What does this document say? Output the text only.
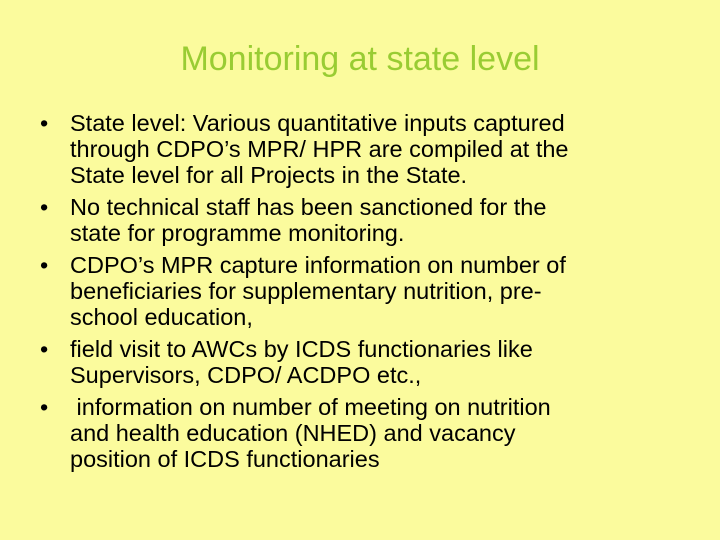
Monitoring at state level
• State level: Various quantitative inputs captured
through CDPO’s MPR/ HPR are compiled at the
State level for all Projects in the State.
• No technical staff has been sanctioned for the
state for programme monitoring.
• CDPO’s MPR capture information on number of
beneficiaries for supplementary nutrition, pre-
school education,
• field visit to AWCs by ICDS functionaries like
Supervisors, CDPO/ ACDPO etc.,
•	information on number of meeting on nutrition
and health education (NHED) and vacancy
position of ICDS functionaries
